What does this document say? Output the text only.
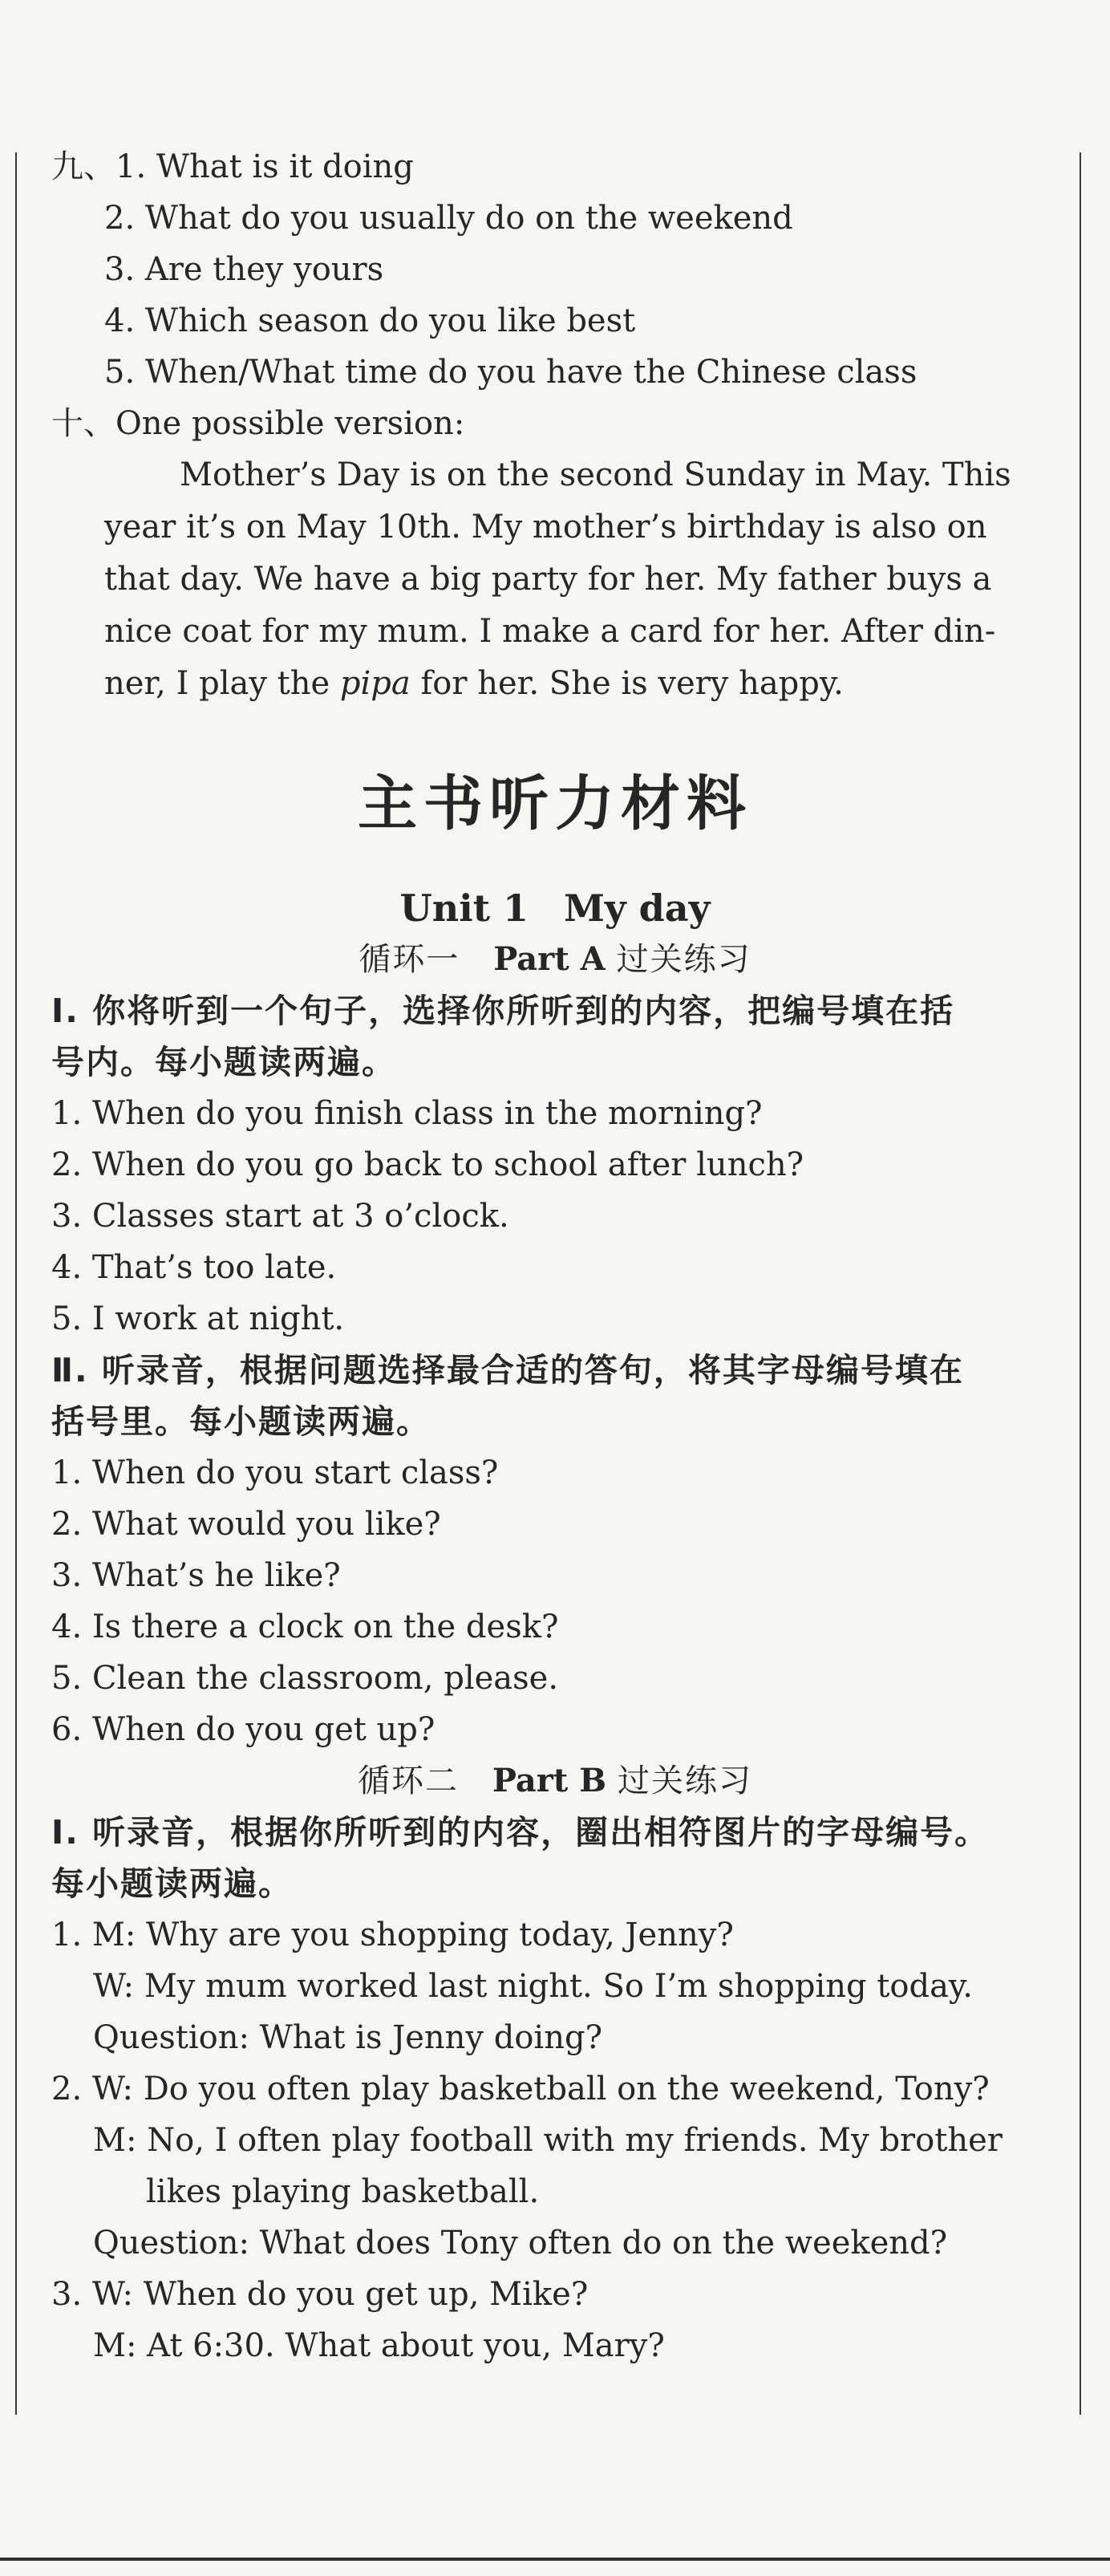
九、1. What is it doing
2. What do you usually do on the weekend
3. Are they yours
4. Which season do you like best
5. When/What time do you have the Chinese class
十、One possible version:
Mother’s Day is on the second Sunday in May. This
year it’s on May 10th. My mother’s birthday is also on
that day. We have a big party for her. My father buys a
nice coat for my mum. I make a card for her. After din-
ner, I play the pipa for her. She is very happy.
主书听力材料
Unit 1 My day
循环一 Part A 过关练习
Ⅰ. 你将听到一个句子，选择你所听到的内容，把编号填在括
号内。每小题读两遍。
1. When do you finish class in the morning?
2. When do you go back to school after lunch?
3. Classes start at 3 o’clock.
4. That’s too late.
5. I work at night.
Ⅱ. 听录音，根据问题选择最合适的答句，将其字母编号填在
括号里。每小题读两遍。
1. When do you start class?
2. What would you like?
3. What’s he like?
4. Is there a clock on the desk?
5. Clean the classroom, please.
6. When do you get up?
循环二 Part B 过关练习
Ⅰ. 听录音，根据你所听到的内容，圈出相符图片的字母编号。
每小题读两遍。
1. M: Why are you shopping today, Jenny?
W: My mum worked last night. So I’m shopping today.
Question: What is Jenny doing?
2. W: Do you often play basketball on the weekend, Tony?
M: No, I often play football with my friends. My brother
likes playing basketball.
Question: What does Tony often do on the weekend?
3. W: When do you get up, Mike?
M: At 6:30. What about you, Mary?
